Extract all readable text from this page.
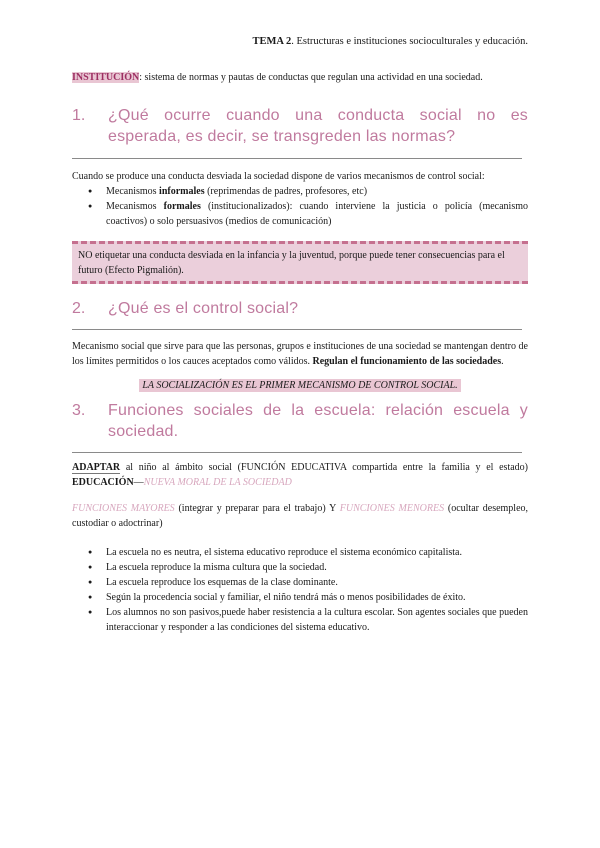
TEMA 2. Estructuras e instituciones socioculturales y educación.

INSTITUCIÓN: sistema de normas y pautas de conductas que regulan una actividad en una sociedad.

1.	¿Qué ocurre cuando una conducta social no es esperada, es decir, se transgreden las normas?

Cuando se produce una conducta desviada la sociedad dispone de varios mecanismos de control social:

● Mecanismos informales (reprimendas de padres, profesores, etc)
● Mecanismos formales (institucionalizados): cuando interviene la justicia o policía (mecanismo coactivos) o solo persuasivos (medios de comunicación)
NO etiquetar una conducta desviada en la infancia y la juventud, porque puede tener consecuencias para el futuro (Efecto Pigmalión).
2.	¿Qué es el control social?

Mecanismo social que sirve para que las personas, grupos e instituciones de una sociedad se mantengan dentro de los límites permitidos o los cauces aceptados como válidos. Regulan el funcionamiento de las sociedades.

LA SOCIALIZACIÓN ES EL PRIMER MECANISMO DE CONTROL SOCIAL.

3.	Funciones sociales de la escuela: relación escuela y sociedad.

ADAPTAR al niño al ámbito social (FUNCIÓN EDUCATIVA compartida entre la familia y el estado) EDUCACIÓN—NUEVA MORAL DE LA SOCIEDAD

FUNCIONES MAYORES (integrar y preparar para el trabajo) Y FUNCIONES MENORES (ocultar desempleo, custodiar o adoctrinar)

● La escuela no es neutra, el sistema educativo reproduce el sistema económico capitalista.
● La escuela reproduce la misma cultura que la sociedad.
● La escuela reproduce los esquemas de la clase dominante.
● Según la procedencia social y familiar, el niño tendrá más o menos posibilidades de éxito.
● Los alumnos no son pasivos,puede haber resistencia a la cultura escolar. Son agentes sociales que pueden interaccionar y responder a las condiciones del sistema educativo.
